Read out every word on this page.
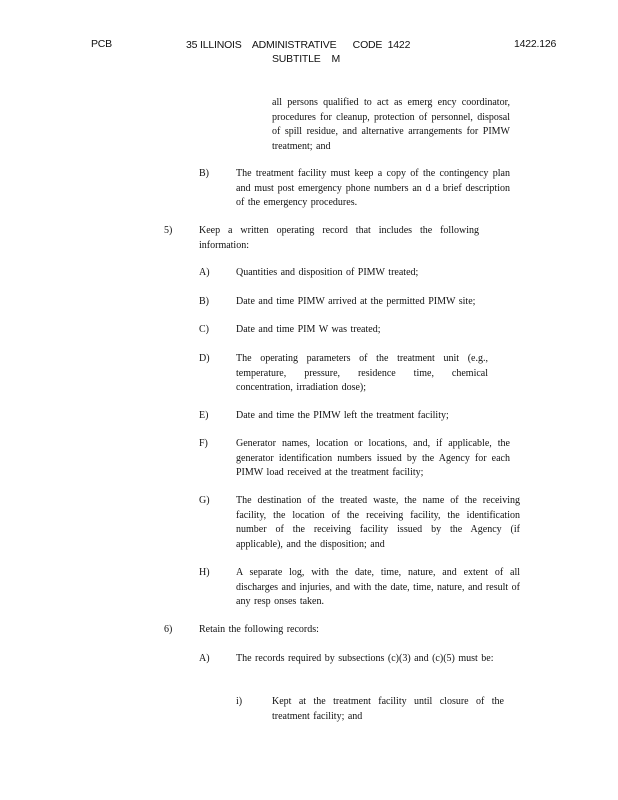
PCB	35 ILLINOIS    ADMINISTRATIVE      CODE  1422
SUBTITLE    M
1422.126
all persons qualified to act as emerg ency coordinator, procedures for cleanup, protection of personnel, disposal of spill residue, and alternative arrangements for PIMW treatment; and
B)	The treatment facility must keep a copy of the contingency plan and must post emergency phone numbers an d a brief description of the emergency procedures.
5)	Keep a written operating record that includes the following information:
A)	Quantities and disposition of PIMW treated;
B)	Date and time PIMW arrived at the permitted PIMW site;
C)	Date and time PIM W was treated;
D)	The operating parameters of the treatment unit (e.g., temperature, pressure, residence time, chemical concentration, irradiation dose);
E)	Date and time the PIMW left the treatment facility;
F)	Generator names, location or locations, and, if applicable, the generator identification numbers issued by the Agency for each PIMW load received at the treatment facility;
G)	The destination of the treated waste, the name of the receiving facility, the location of the receiving facility, the identification number of the receiving facility issued by the Agency (if applicable), and the disposition; and
H)	A separate log, with the date, time, nature, and extent of all discharges and injuries, and with the date, time, nature, and result of any resp onses taken.
6)	Retain the following records:
A)	The records required by subsections (c)(3) and (c)(5) must be:
i)	Kept at the treatment facility until closure of the treatment facility; and
